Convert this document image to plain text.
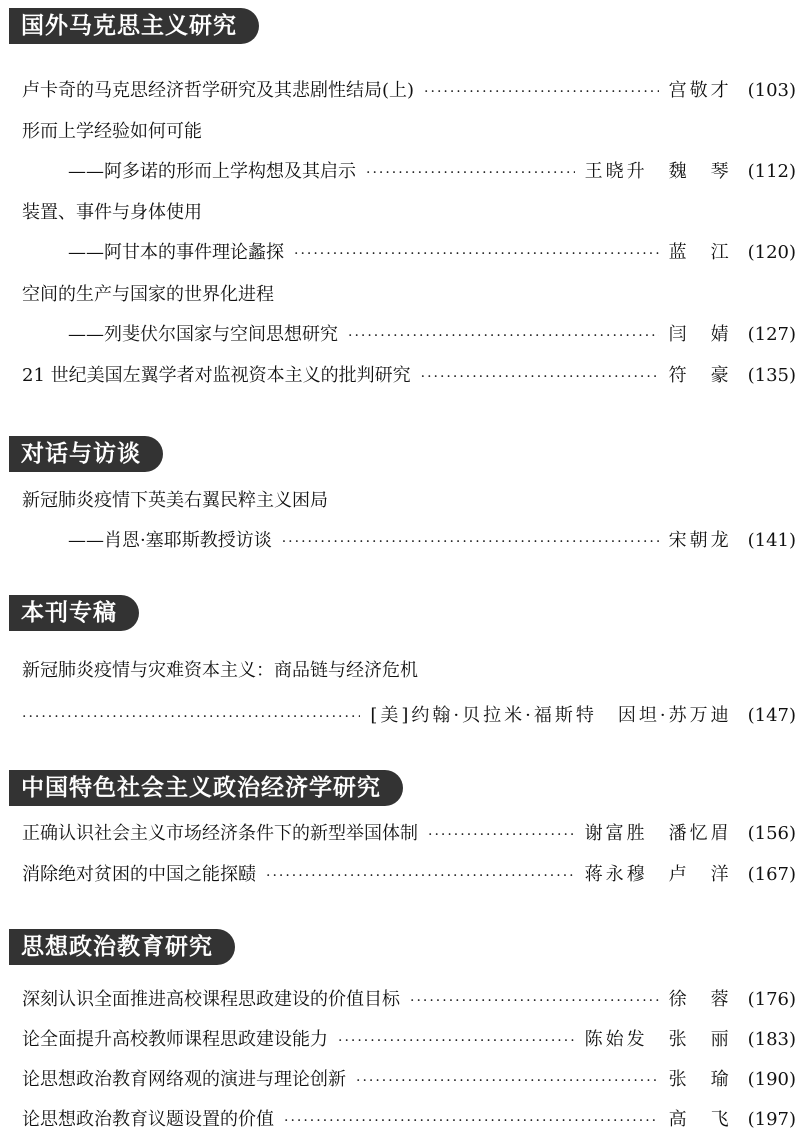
国外马克思主义研究
卢卡奇的马克思经济哲学研究及其悲剧性结局(上) ·····	宫敬才 (103)
形而上学经验如何可能
——阿多诺的形而上学构想及其启示 ·····	王晓升　魏　琴 (112)
装置、事件与身体使用
——阿甘本的事件理论蠡探 ·····	蓝　江 (120)
空间的生产与国家的世界化进程
——列斐伏尔国家与空间思想研究 ·····	闫　婧 (127)
21 世纪美国左翼学者对监视资本主义的批判研究 ·····	符　豪 (135)
对话与访谈
新冠肺炎疫情下英美右翼民粹主义困局
——肖恩·塞耶斯教授访谈 ·····	宋朝龙 (141)
本刊专稿
新冠肺炎疫情与灾难资本主义：商品链与经济危机
·····
[美]约翰·贝拉米·福斯特　因坦·苏万迪 (147)
中国特色社会主义政治经济学研究
正确认识社会主义市场经济条件下的新型举国体制 ·····	谢富胜　潘忆眉 (156)
消除绝对贫困的中国之能探赜 ·····	蒋永穆　卢　洋 (167)
思想政治教育研究
深刻认识全面推进高校课程思政建设的价值目标 ·····	徐　蓉 (176)
论全面提升高校教师课程思政建设能力 ·····	陈始发　张　丽 (183)
论思想政治教育网络观的演进与理论创新 ·····	张　瑜 (190)
论思想政治教育议题设置的价值 ·····	高　飞 (197)
